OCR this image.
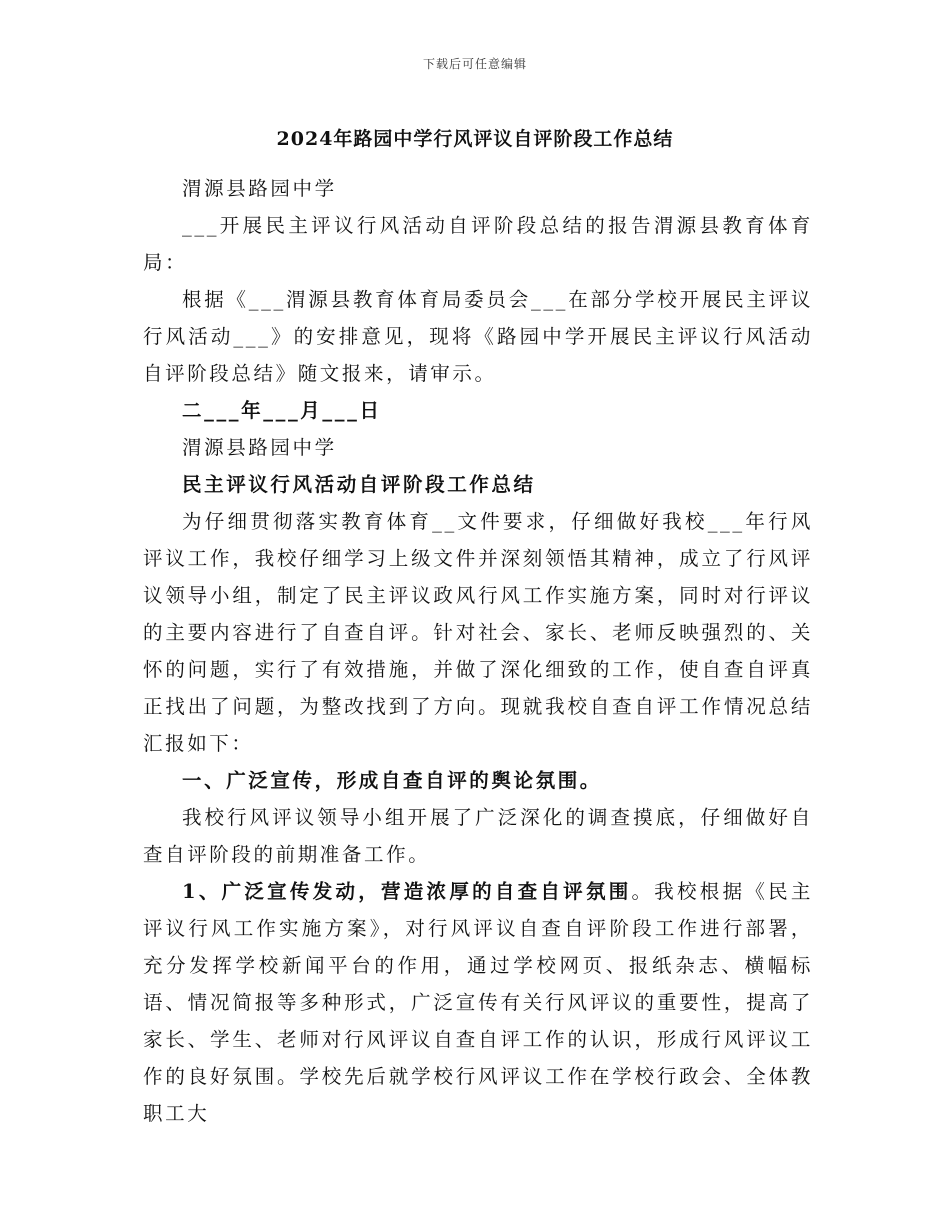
下载后可任意编辑
2024年路园中学行风评议自评阶段工作总结

渭源县路园中学

___开展民主评议行风活动自评阶段总结的报告渭源县教育体育局：

根据《___渭源县教育体育局委员会___在部分学校开展民主评议行风活动___》的安排意见，现将《路园中学开展民主评议行风活动自评阶段总结》随文报来，请审示。

二___年___月___日

渭源县路园中学

民主评议行风活动自评阶段工作总结

为仔细贯彻落实教育体育__文件要求，仔细做好我校___年行风评议工作，我校仔细学习上级文件并深刻领悟其精神，成立了行风评议领导小组，制定了民主评议政风行风工作实施方案，同时对行评议的主要内容进行了自查自评。针对社会、家长、老师反映强烈的、关怀的问题，实行了有效措施，并做了深化细致的工作，使自查自评真正找出了问题，为整改找到了方向。现就我校自查自评工作情况总结汇报如下：

一、广泛宣传，形成自查自评的舆论氛围。

我校行风评议领导小组开展了广泛深化的调查摸底，仔细做好自查自评阶段的前期准备工作。

1、广泛宣传发动，营造浓厚的自查自评氛围。我校根据《民主评议行风工作实施方案》，对行风评议自查自评阶段工作进行部署，充分发挥学校新闻平台的作用，通过学校网页、报纸杂志、横幅标语、情况简报等多种形式，广泛宣传有关行风评议的重要性，提高了家长、学生、老师对行风评议自查自评工作的认识，形成行风评议工作的良好氛围。学校先后就学校行风评议工作在学校行政会、全体教职工大
